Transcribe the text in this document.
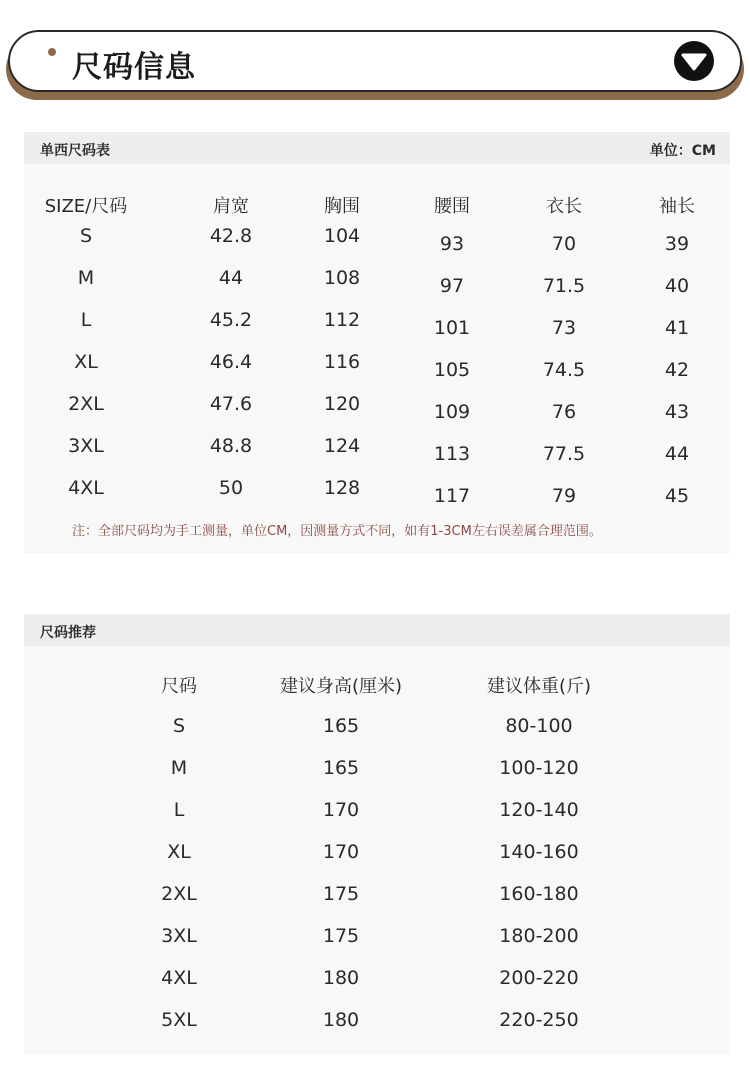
尺码信息
单西尺码表	单位：CM
SIZE/尺码	肩宽	胸围	腰围	衣长	袖长
S	42.8	104	93	70	39
M	44	108	97	71.5	40
L	45.2	112	101	73	41
XL	46.4	116	105	74.5	42
2XL	47.6	120	109	76	43
3XL	48.8	124	113	77.5	44
4XL	50	128	117	79	45
注：全部尺码均为手工测量，单位CM，因测量方式不同，如有1-3CM左右误差属合理范围。
尺码推荐
尺码	建议身高(厘米)	建议体重(斤)
S	165	80-100
M	165	100-120
L	170	120-140
XL	170	140-160
2XL	175	160-180
3XL	175	180-200
4XL	180	200-220
5XL	180	220-250
